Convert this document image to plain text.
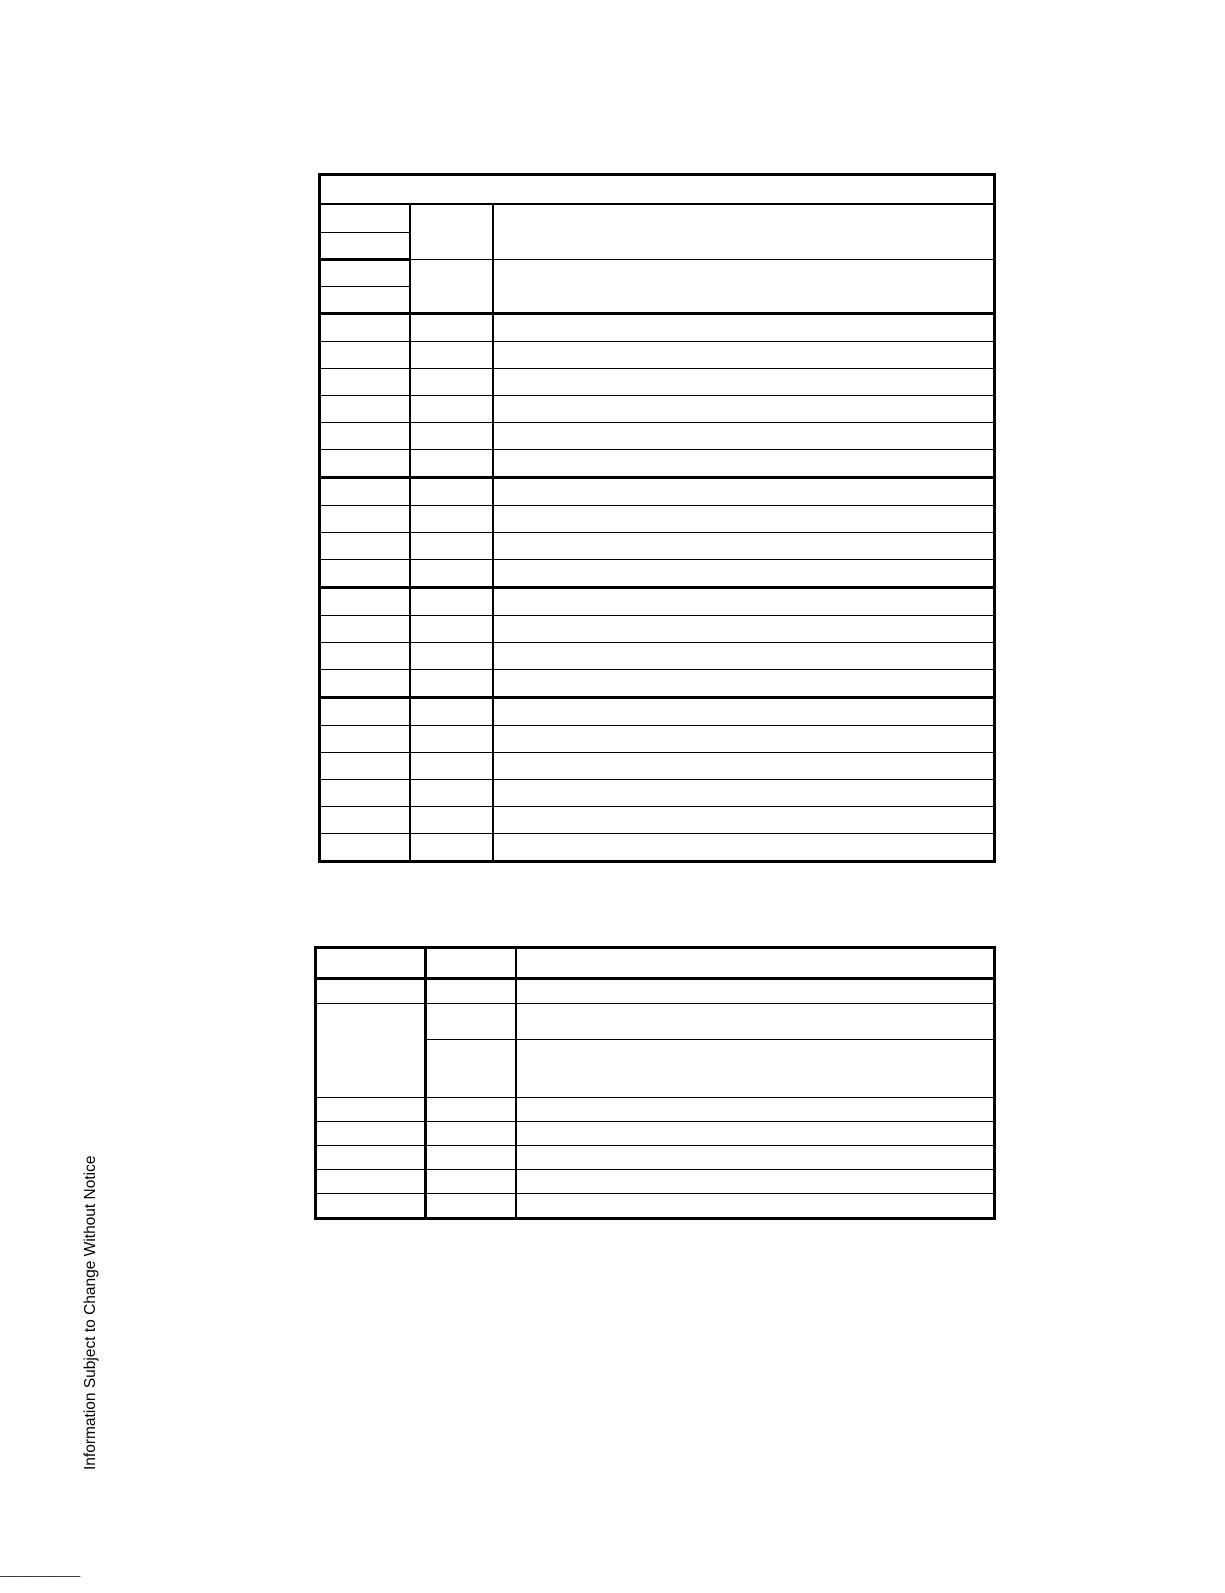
Information Subject to Change Without Notice
‾‾‾‾‾‾‾‾‾‾‾‾‾‾‾‾
